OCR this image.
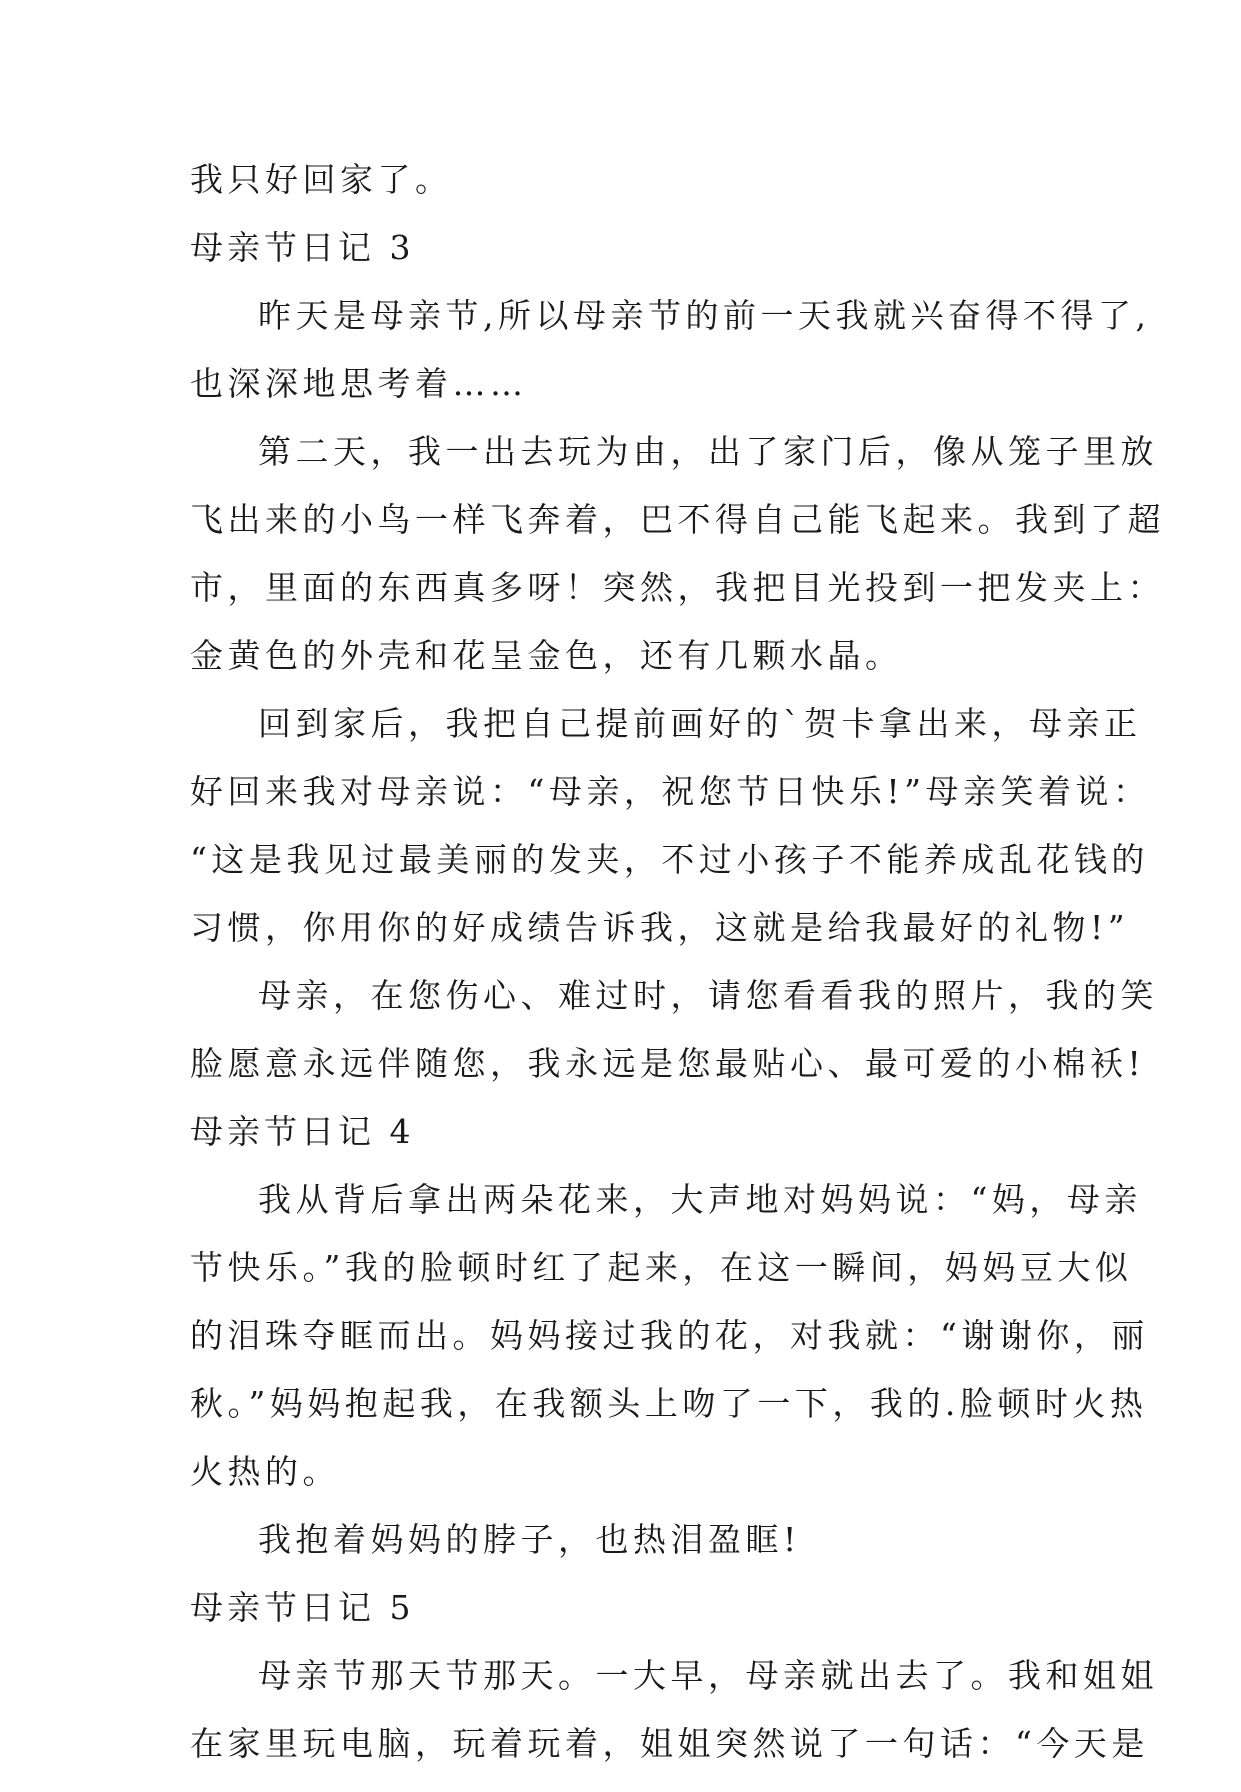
我只好回家了。
母亲节日记 3
昨天是母亲节,所以母亲节的前一天我就兴奋得不得了,
也深深地思考着……
第二天，我一出去玩为由，出了家门后，像从笼子里放
飞出来的小鸟一样飞奔着，巴不得自己能飞起来。我到了超
市，里面的东西真多呀！突然，我把目光投到一把发夹上：
金黄色的外壳和花呈金色，还有几颗水晶。
回到家后，我把自己提前画好的`贺卡拿出来，母亲正
好回来我对母亲说：“母亲，祝您节日快乐!”母亲笑着说：
“这是我见过最美丽的发夹，不过小孩子不能养成乱花钱的
习惯，你用你的好成绩告诉我，这就是给我最好的礼物!”
母亲，在您伤心、难过时，请您看看我的照片，我的笑
脸愿意永远伴随您，我永远是您最贴心、最可爱的小棉袄!
母亲节日记 4
我从背后拿出两朵花来，大声地对妈妈说：“妈，母亲
节快乐。”我的脸顿时红了起来，在这一瞬间，妈妈豆大似
的泪珠夺眶而出。妈妈接过我的花，对我就：“谢谢你，丽
秋。”妈妈抱起我，在我额头上吻了一下，我的.脸顿时火热
火热的。
我抱着妈妈的脖子，也热泪盈眶!
母亲节日记 5
母亲节那天节那天。一大早，母亲就出去了。我和姐姐
在家里玩电脑，玩着玩着，姐姐突然说了一句话：“今天是
